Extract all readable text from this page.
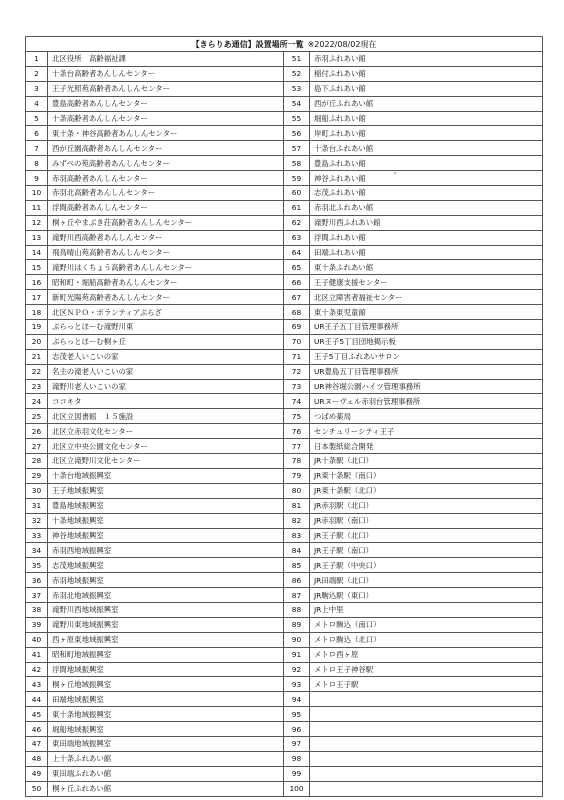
【きらりあ通信】設置場所一覧 ※2022/08/02現在			
1	北区役所　高齢福祉課	51	赤羽ふれあい館
2	十条台高齢者あんしんセンター	52	稲付ふれあい館
3	王子光照苑高齢者あんしんセンター	53	島下ふれあい館
4	豊島高齢者あんしんセンター	54	西が丘ふれあい館
5	十条高齢者あんしんセンター	55	堀船ふれあい館
6	東十条・神谷高齢者あんしんセンター	56	岸町ふれあい館
7	西が丘園高齢者あんしんセンター	57	十条台ふれあい館
8	みずべの苑高齢者あんしんセンター	58	豊島ふれあい館
9	赤羽高齢者あんしんセンター	59	神谷ふれあい館
10	赤羽北高齢者あんしんセンター	60	志茂ふれあい館
11	浮間高齢者あんしんセンター	61	赤羽北ふれあい館
12	桐ヶ丘やまぶき荘高齢者あんしんセンター	62	滝野川西ふれあい館
13	滝野川西高齢者あんしんセンター	63	浮間ふれあい館
14	飛鳥晴山苑高齢者あんしんセンター	64	田端ふれあい館
15	滝野川はくちょう高齢者あんしんセンター	65	東十条ふれあい館
16	昭和町・堀船高齢者あんしんセンター	66	王子健康支援センター
17	新町光陽苑高齢者あんしんセンター	67	北区立障害者福祉センター
18	北区ＮＰＯ・ボランティアぷらざ	68	東十条東児童館
19	ぷらっとほーむ滝野川東	69	UR王子五丁目管理事務所
20	ぷらっとほーむ桐ヶ丘	70	UR王子5丁目団地掲示板
21	志茂老人いこいの家	71	王子5丁目ふれあいサロン
22	名主の滝老人いこいの家	72	UR豊島五丁目管理事務所
23	滝野川老人いこいの家	73	UR神谷堀公園ハイツ管理事務所
24	ココキタ	74	URヌーヴェル赤羽台管理事務所
25	北区立図書館　１５施設	75	つばめ薬局
26	北区立赤羽文化センター	76	センチュリーシティ王子
27	北区立中央公園文化センター	77	日本製紙総合開発
28	北区立滝野川文化センター	78	JR十条駅（北口）
29	十条台地域振興室	79	JR東十条駅（南口）
30	王子地域振興室	80	JR東十条駅（北口）
31	豊島地域振興室	81	JR赤羽駅（北口）
32	十条地域振興室	82	JR赤羽駅（南口）
33	神谷地域振興室	83	JR王子駅（北口）
34	赤羽西地域振興室	84	JR王子駅（南口）
35	志茂地域振興室	85	JR王子駅（中央口）
36	赤羽地域振興室	86	JR田端駅（北口）
37	赤羽北地域振興室	87	JR駒込駅（東口）
38	滝野川西地域振興室	88	JR上中里
39	滝野川東地域振興室	89	メトロ駒込（南口）
40	西ヶ原東地域振興室	90	メトロ駒込（北口）
41	昭和町地域振興室	91	メトロ西ヶ原
42	浮間地域振興室	92	メトロ王子神谷駅
43	桐ヶ丘地域振興室	93	メトロ王子駅
44	田端地域振興室	94	
45	東十条地域振興室	95	
46	堀船地域振興室	96	
47	東田端地域振興室	97	
48	上十条ふれあい館	98	
49	東田端ふれあい館	99	
50	桐ヶ丘ふれあい館	100	
